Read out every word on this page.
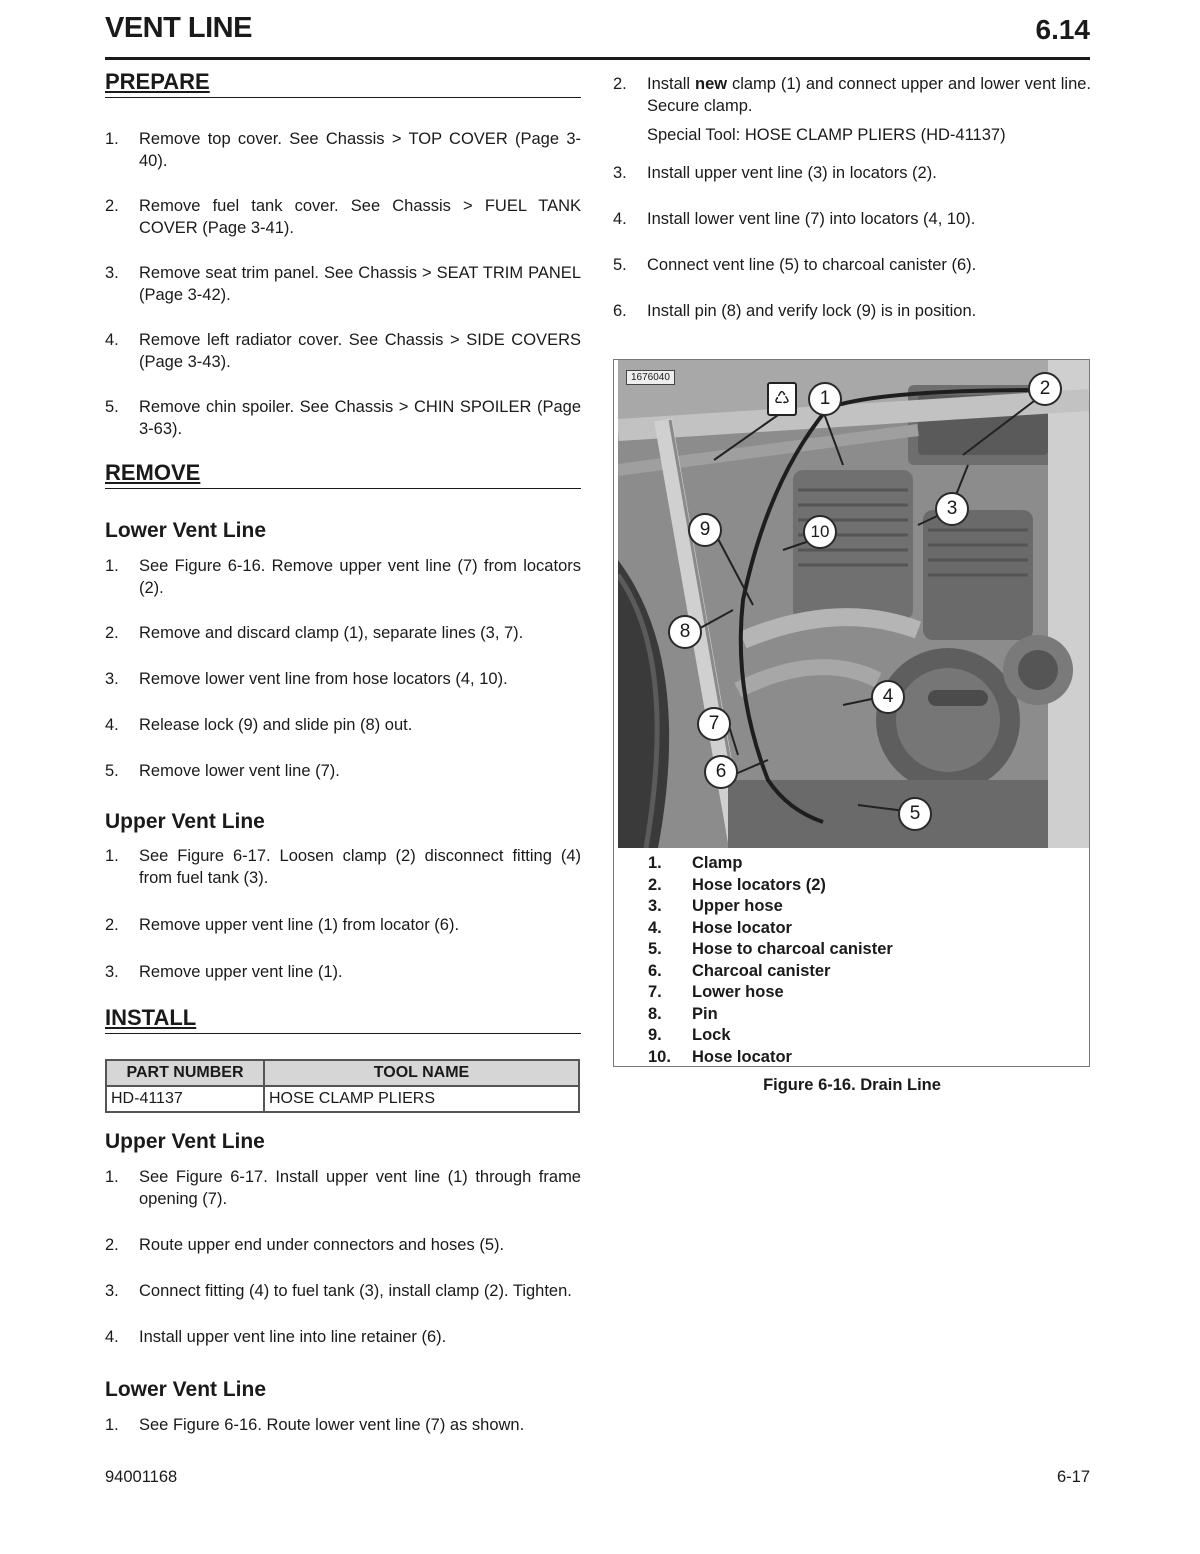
VENT LINE	6.14
PREPARE
1.	Remove top cover. See Chassis > TOP COVER (Page 3-40).
2.	Remove fuel tank cover. See Chassis > FUEL TANK COVER (Page 3-41).
3.	Remove seat trim panel. See Chassis > SEAT TRIM PANEL (Page 3-42).
4.	Remove left radiator cover. See Chassis > SIDE COVERS (Page 3-43).
5.	Remove chin spoiler. See Chassis > CHIN SPOILER (Page 3-63).
REMOVE
Lower Vent Line
1.	See Figure 6-16. Remove upper vent line (7) from locators (2).
2.	Remove and discard clamp (1), separate lines (3, 7).
3.	Remove lower vent line from hose locators (4, 10).
4.	Release lock (9) and slide pin (8) out.
5.	Remove lower vent line (7).
Upper Vent Line
1.	See Figure 6-17. Loosen clamp (2) disconnect fitting (4) from fuel tank (3).
2.	Remove upper vent line (1) from locator (6).
3.	Remove upper vent line (1).
INSTALL
PART NUMBER	TOOL NAME
HD-41137	HOSE CLAMP PLIERS
Upper Vent Line
1.	See Figure 6-17. Install upper vent line (1) through frame opening (7).
2.	Route upper end under connectors and hoses (5).
3.	Connect fitting (4) to fuel tank (3), install clamp (2). Tighten.
4.	Install upper vent line into line retainer (6).
Lower Vent Line
1.	See Figure 6-16. Route lower vent line (7) as shown.
2.	Install new clamp (1) and connect upper and lower vent line. Secure clamp.
Special Tool: HOSE CLAMP PLIERS (HD-41137)
3.	Install upper vent line (3) in locators (2).
4.	Install lower vent line (7) into locators (4, 10).
5.	Connect vent line (5) to charcoal canister (6).
6.	Install pin (8) and verify lock (9) is in position.
1676040
♺	1	2
3
4
5
6
7
8
9	10
1.	Clamp
2.	Hose locators (2)
3.	Upper hose
4.	Hose locator
5.	Hose to charcoal canister
6.	Charcoal canister
7.	Lower hose
8.	Pin
9.	Lock
10.	Hose locator
Figure 6-16. Drain Line
94001168	6-17
